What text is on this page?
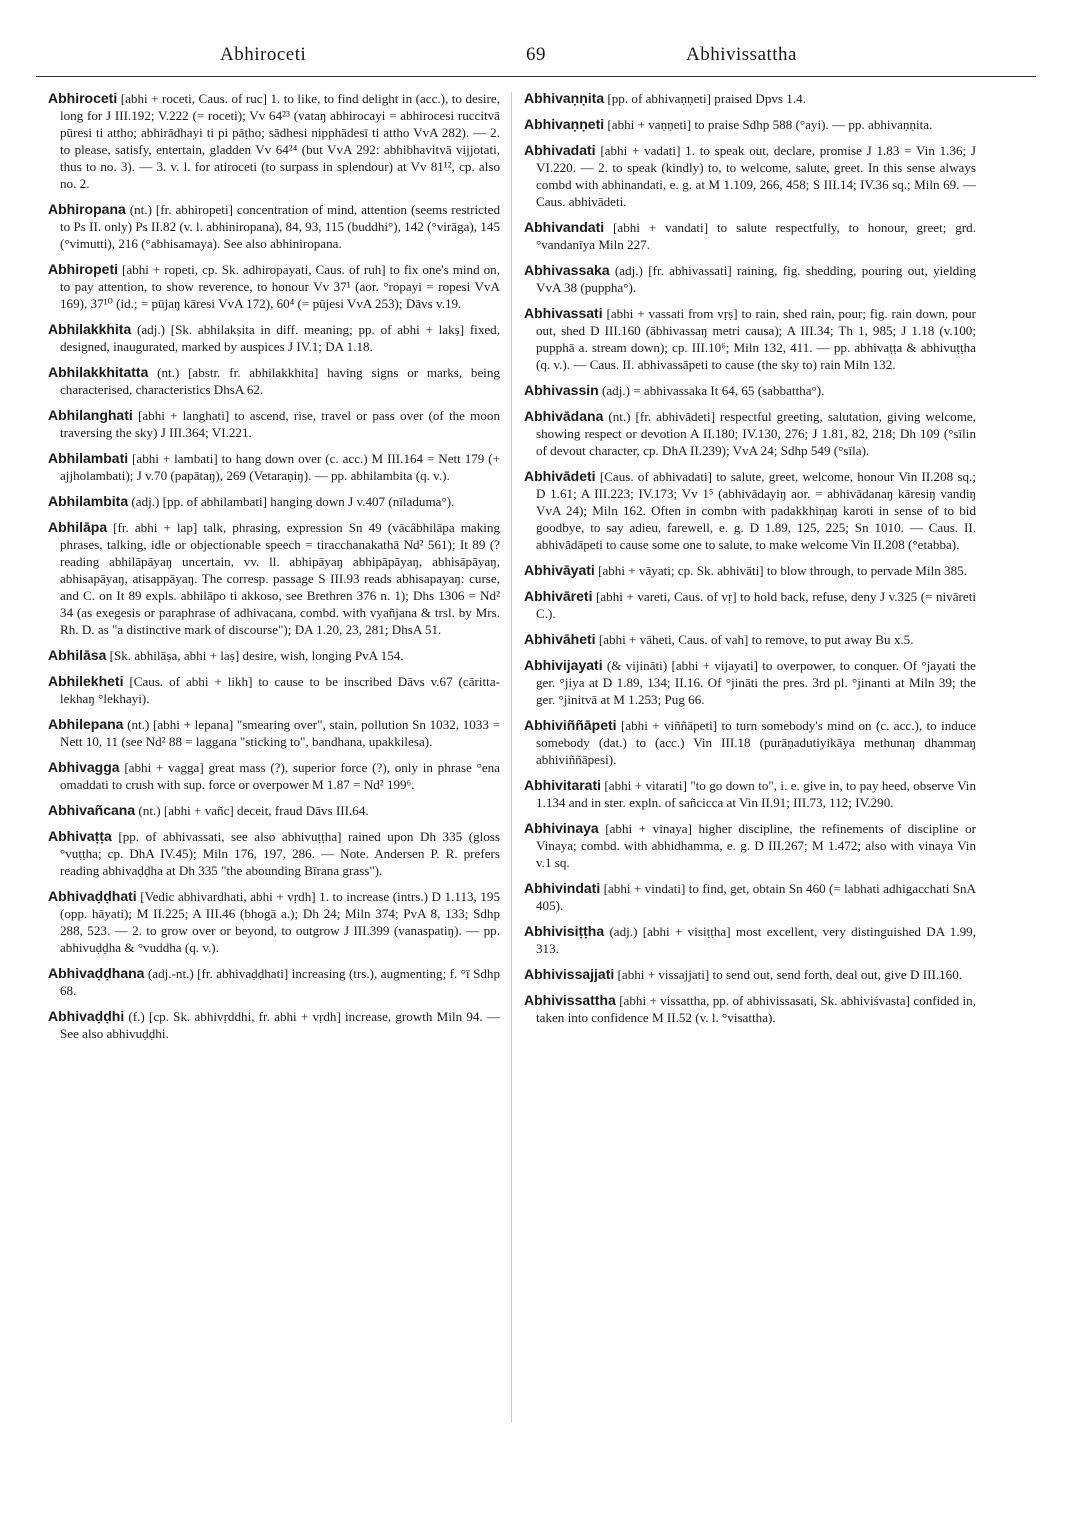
Abhiroceti	69	Abhivissattha

Abhiroceti [abhi + roceti, Caus. of ruc] 1. to like, to find delight in (acc.), to desire, long for J III.192; V.222 (= roceti); Vv 64²³ (vataŋ abhirocayi = abhirocesi ruccitvā pūresi ti attho; abhirādhayi ti pi pāṭho; sādhesi nipphādesī ti attho VvA 282). — 2. to please, satisfy, entertain, gladden Vv 64²⁴ (but VvA 292: abhibhavitvā vijjotati, thus to no. 3). — 3. v. l. for atiroceti (to surpass in splendour) at Vv 81¹², cp. also no. 2.

Abhiropana (nt.) [fr. abhiropeti] concentration of mind, attention (seems restricted to Ps II. only) Ps II.82 (v. l. abhiniropana), 84, 93, 115 (buddhi°), 142 (°virāga), 145 (°vimutti), 216 (°abhisamaya). See also abhiniropana.

Abhiropeti [abhi + ropeti, cp. Sk. adhiropayati, Caus. of ruh] to fix one's mind on, to pay attention, to show reverence, to honour Vv 37¹ (aor. °ropayi = ropesi VvA 169), 37¹⁰ (id.; = pūjaŋ kāresi VvA 172), 60⁴ (= pūjesi VvA 253); Dāvs v.19.

Abhilakkhita (adj.) [Sk. abhilakṣita in diff. meaning; pp. of abhi + lakṣ] fixed, designed, inaugurated, marked by auspices J IV.1; DA 1.18.

Abhilakkhitatta (nt.) [abstr. fr. abhilakkhita] having signs or marks, being characterised, characteristics DhsA 62.

Abhilanghati [abhi + langhati] to ascend, rise, travel or pass over (of the moon traversing the sky) J III.364; VI.221.

Abhilambati [abhi + lambati] to hang down over (c. acc.) M III.164 = Nett 179 (+ ajjholambati); J v.70 (papātaŋ), 269 (Vetaraṇiŋ). — pp. abhilambita (q. v.).

Abhilambita (adj.) [pp. of abhilambati] hanging down J v.407 (nīladuma°).

Abhilāpa [fr. abhi + lap] talk, phrasing, expression Sn 49 (vācâbhilāpa making phrases, talking, idle or objectionable speech = tiracchanakathā Nd² 561); It 89 (? reading abhilāpāyaŋ uncertain, vv. ll. abhipāyaŋ abhipāpāyaŋ, abhisāpāyaŋ, abhisapāyaŋ, atisappāyaŋ. The corresp. passage S III.93 reads abhisapayaŋ: curse, and C. on It 89 expls. abhilāpo ti akkoso, see Brethren 376 n. 1); Dhs 1306 = Nd² 34 (as exegesis or paraphrase of adhivacana, combd. with vyañjana & trsl. by Mrs. Rh. D. as "a distinctive mark of discourse"); DA 1.20, 23, 281; DhsA 51.

Abhilāsa [Sk. abhilāṣa, abhi + laṣ] desire, wish, longing PvA 154.

Abhilekheti [Caus. of abhi + likh] to cause to be inscribed Dāvs v.67 (cāritta-lekhaŋ °lekhayi).

Abhilepana (nt.) [abhi + lepana] "smearing over", stain, pollution Sn 1032, 1033 = Nett 10, 11 (see Nd² 88 = laggana "sticking to", bandhana, upakkilesa).

Abhivagga [abhi + vagga] great mass (?), superior force (?), only in phrase °ena omaddati to crush with sup. force or overpower M 1.87 = Nd² 199⁶.

Abhivañcana (nt.) [abhi + vañc] deceit, fraud Dāvs III.64.

Abhivaṭṭa [pp. of abhivassati, see also abhivuṭṭha] rained upon Dh 335 (gloss °vuṭṭha; cp. DhA IV.45); Miln 176, 197, 286. — Note. Andersen P. R. prefers reading abhivaḍḍha at Dh 335 "the abounding Bīrana grass").

Abhivaḍḍhati [Vedic abhivardhati, abhi + vṛdh] 1. to increase (intrs.) D 1.113, 195 (opp. hāyati); M II.225; A III.46 (bhogā a.); Dh 24; Miln 374; PvA 8, 133; Sdhp 288, 523. — 2. to grow over or beyond, to outgrow J III.399 (vanaspatiŋ). — pp. abhivuḍḍha & °vuddha (q. v.).

Abhivaḍḍhana (adj.-nt.) [fr. abhivaḍḍhati] increasing (trs.), augmenting; f. °ī Sdhp 68.

Abhivaḍḍhi (f.) [cp. Sk. abhivṛddhi, fr. abhi + vṛdh] increase, growth Miln 94. — See also abhivuḍḍhi.

Abhivaṇṇita [pp. of abhivaṇṇeti] praised Dpvs 1.4.

Abhivaṇṇeti [abhi + vaṇṇeti] to praise Sdhp 588 (°ayi). — pp. abhivaṇṇita.

Abhivadati [abhi + vadati] 1. to speak out, declare, promise J 1.83 = Vin 1.36; J VI.220. — 2. to speak (kindly) to, to welcome, salute, greet. In this sense always combd with abhinandati, e. g. at M 1.109, 266, 458; S III.14; IV.36 sq.; Miln 69. — Caus. abhivādeti.

Abhivandati [abhi + vandati] to salute respectfully, to honour, greet; grd. °vandanīya Miln 227.

Abhivassaka (adj.) [fr. abhivassati] raining, fig. shedding, pouring out, yielding VvA 38 (puppha°).

Abhivassati [abhi + vassati from vṛṣ] to rain, shed rain, pour; fig. rain down, pour out, shed D III.160 (ābhivassaŋ metri causa); A III.34; Th 1, 985; J 1.18 (v.100; pupphā a. stream down); cp. III.10⁶; Miln 132, 411. — pp. abhivaṭṭa & abhivuṭṭha (q. v.). — Caus. II. abhivassāpeti to cause (the sky to) rain Miln 132.

Abhivassin (adj.) = abhivassaka It 64, 65 (sabbattha°).

Abhivādana (nt.) [fr. abhivādeti] respectful greeting, salutation, giving welcome, showing respect or devotion A II.180; IV.130, 276; J 1.81, 82, 218; Dh 109 (°sīlin of devout character, cp. DhA II.239); VvA 24; Sdhp 549 (°sīla).

Abhivādeti [Caus. of abhivadati] to salute, greet, welcome, honour Vin II.208 sq.; D 1.61; A III.223; IV.173; Vv 1⁵ (abhivādayiŋ aor. = abhivādanaŋ kāresiŋ vandiŋ VvA 24); Miln 162. Often in combn with padakkhiṇaŋ karoti in sense of to bid goodbye, to say adieu, farewell, e. g. D 1.89, 125, 225; Sn 1010. — Caus. II. abhivādāpeti to cause some one to salute, to make welcome Vin II.208 (°etabba).

Abhivāyati [abhi + vāyati; cp. Sk. abhivāti] to blow through, to pervade Miln 385.

Abhivāreti [abhi + vareti, Caus. of vṛ] to hold back, refuse, deny J v.325 (= nivāreti C.).

Abhivāheti [abhi + vāheti, Caus. of vah] to remove, to put away Bu x.5.

Abhivijayati (& vijināti) [abhi + vijayati] to overpower, to conquer. Of °jayati the ger. °jiya at D 1.89, 134; II.16. Of °jināti the pres. 3rd pl. °jinanti at Miln 39; the ger. °jinitvā at M 1.253; Pug 66.

Abhiviññāpeti [abhi + viññāpeti] to turn somebody's mind on (c. acc.), to induce somebody (dat.) to (acc.) Vin III.18 (purāṇadutiyikāya methunaŋ dhammaŋ abhiviññāpesi).

Abhivitarati [abhi + vitarati] "to go down to", i. e. give in, to pay heed, observe Vin 1.134 and in ster. expln. of sañcicca at Vin II.91; III.73, 112; IV.290.

Abhivinaya [abhi + vinaya] higher discipline, the refinements of discipline or Vinaya; combd. with abhidhamma, e. g. D III.267; M 1.472; also with vinaya Vin v.1 sq.

Abhivindati [abhi + vindati] to find, get, obtain Sn 460 (= labhati adhigacchati SnA 405).

Abhivisiṭṭha (adj.) [abhi + visiṭṭha] most excellent, very distinguished DA 1.99, 313.

Abhivissajjati [abhi + vissajjati] to send out, send forth, deal out, give D III.160.

Abhivissattha [abhi + vissattha, pp. of abhivissasati, Sk. abhiviśvasta] confided in, taken into confidence M II.52 (v. l. °visattha).
